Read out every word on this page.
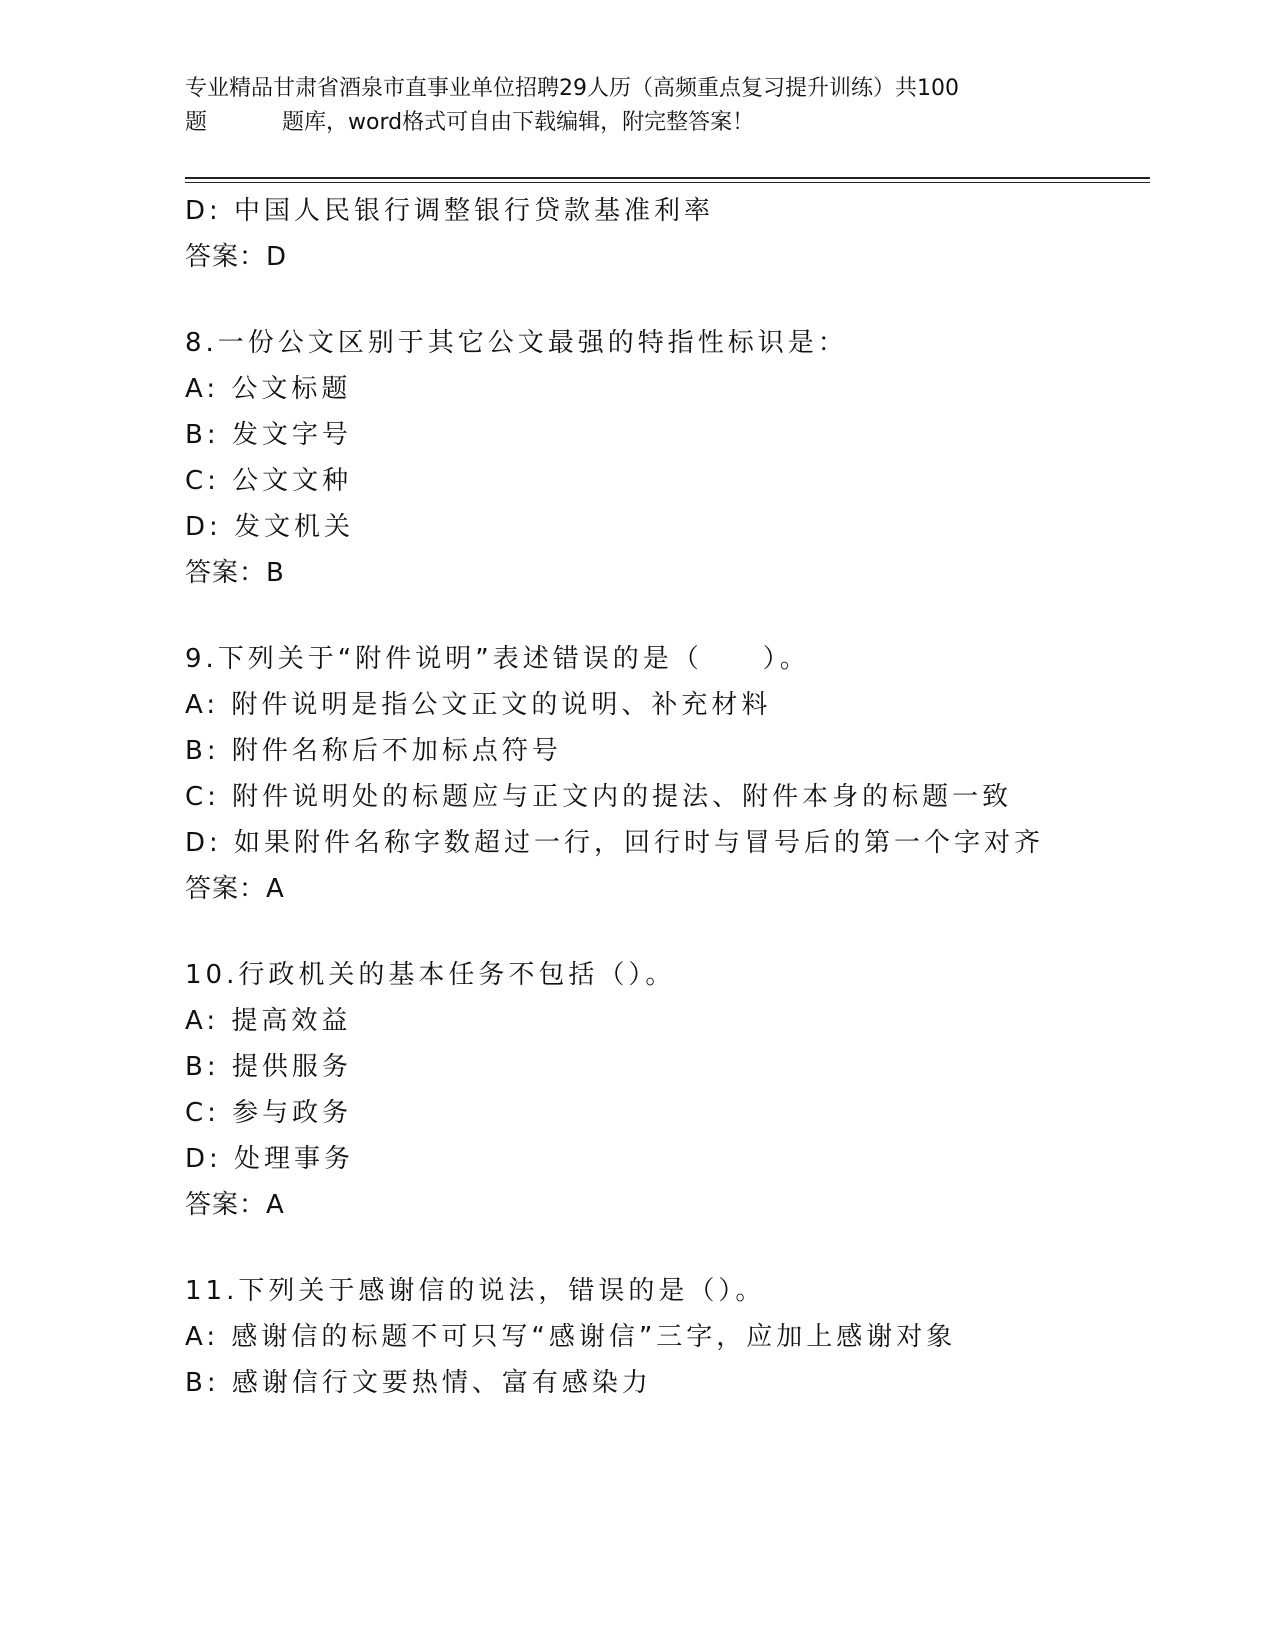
专业精品甘肃省酒泉市直事业单位招聘29人历（高频重点复习提升训练）共100
题	题库，word格式可自由下载编辑，附完整答案！
D: 中国人民银行调整银行贷款基准利率
答案：D
8.一份公文区别于其它公文最强的特指性标识是：
A: 公文标题
B: 发文字号
C: 公文文种
D: 发文机关
答案：B
9.下列关于“附件说明”表述错误的是（　　）。
A: 附件说明是指公文正文的说明、补充材料
B: 附件名称后不加标点符号
C: 附件说明处的标题应与正文内的提法、附件本身的标题一致
D: 如果附件名称字数超过一行，回行时与冒号后的第一个字对齐
答案：A
10.行政机关的基本任务不包括（）。
A: 提高效益
B: 提供服务
C: 参与政务
D: 处理事务
答案：A
11.下列关于感谢信的说法，错误的是（）。
A: 感谢信的标题不可只写“感谢信”三字，应加上感谢对象
B: 感谢信行文要热情、富有感染力
